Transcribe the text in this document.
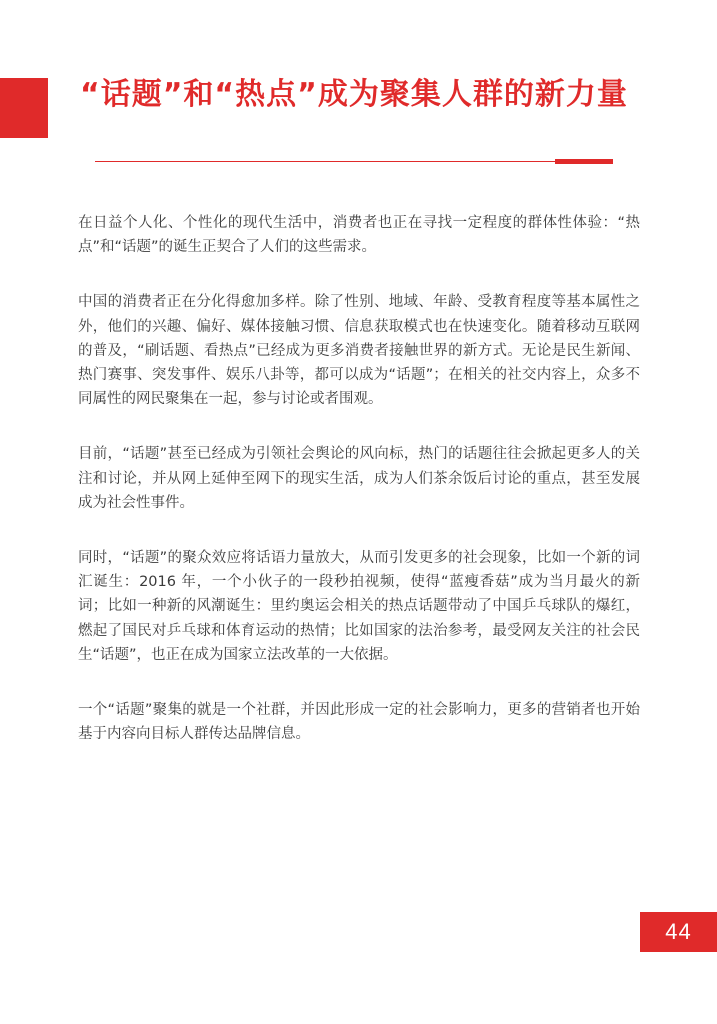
“话题”和“热点”成为聚集人群的新力量

在日益个人化、个性化的现代生活中，消费者也正在寻找一定程度的群体性体验：“热点”和“话题”的诞生正契合了人们的这些需求。

中国的消费者正在分化得愈加多样。除了性别、地域、年龄、受教育程度等基本属性之外，他们的兴趣、偏好、媒体接触习惯、信息获取模式也在快速变化。随着移动互联网的普及，“刷话题、看热点”已经成为更多消费者接触世界的新方式。无论是民生新闻、热门赛事、突发事件、娱乐八卦等，都可以成为“话题”；在相关的社交内容上，众多不同属性的网民聚集在一起，参与讨论或者围观。

目前，“话题”甚至已经成为引领社会舆论的风向标，热门的话题往往会掀起更多人的关注和讨论，并从网上延伸至网下的现实生活，成为人们茶余饭后讨论的重点，甚至发展成为社会性事件。

同时，“话题”的聚众效应将话语力量放大，从而引发更多的社会现象，比如一个新的词汇诞生：2016 年，一个小伙子的一段秒拍视频，使得“蓝瘦香菇”成为当月最火的新词；比如一种新的风潮诞生：里约奥运会相关的热点话题带动了中国乒乓球队的爆红，燃起了国民对乒乓球和体育运动的热情；比如国家的法治参考，最受网友关注的社会民生“话题”，也正在成为国家立法改革的一大依据。

一个“话题”聚集的就是一个社群，并因此形成一定的社会影响力，更多的营销者也开始基于内容向目标人群传达品牌信息。

44
